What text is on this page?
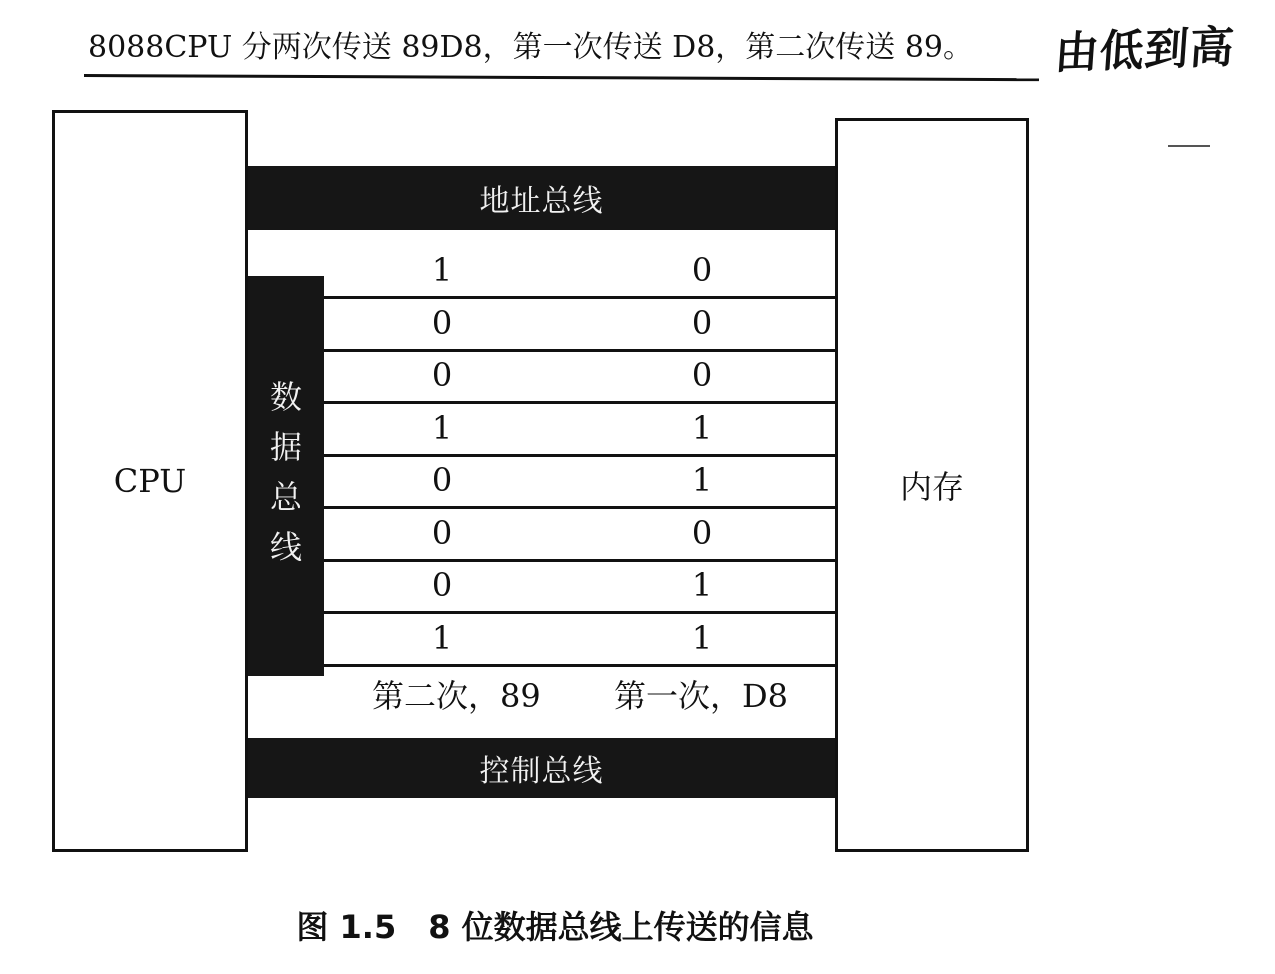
8088CPU 分两次传送 89D8，第一次传送 D8，第二次传送 89。 由低到高
CPU	内存
地址总线
数
据
总
线
1	0
0	0
0	0
1	1
0	1
0	0
0	1
1	1
第二次，89 第一次，D8
控制总线
图 1.5　8 位数据总线上传送的信息
